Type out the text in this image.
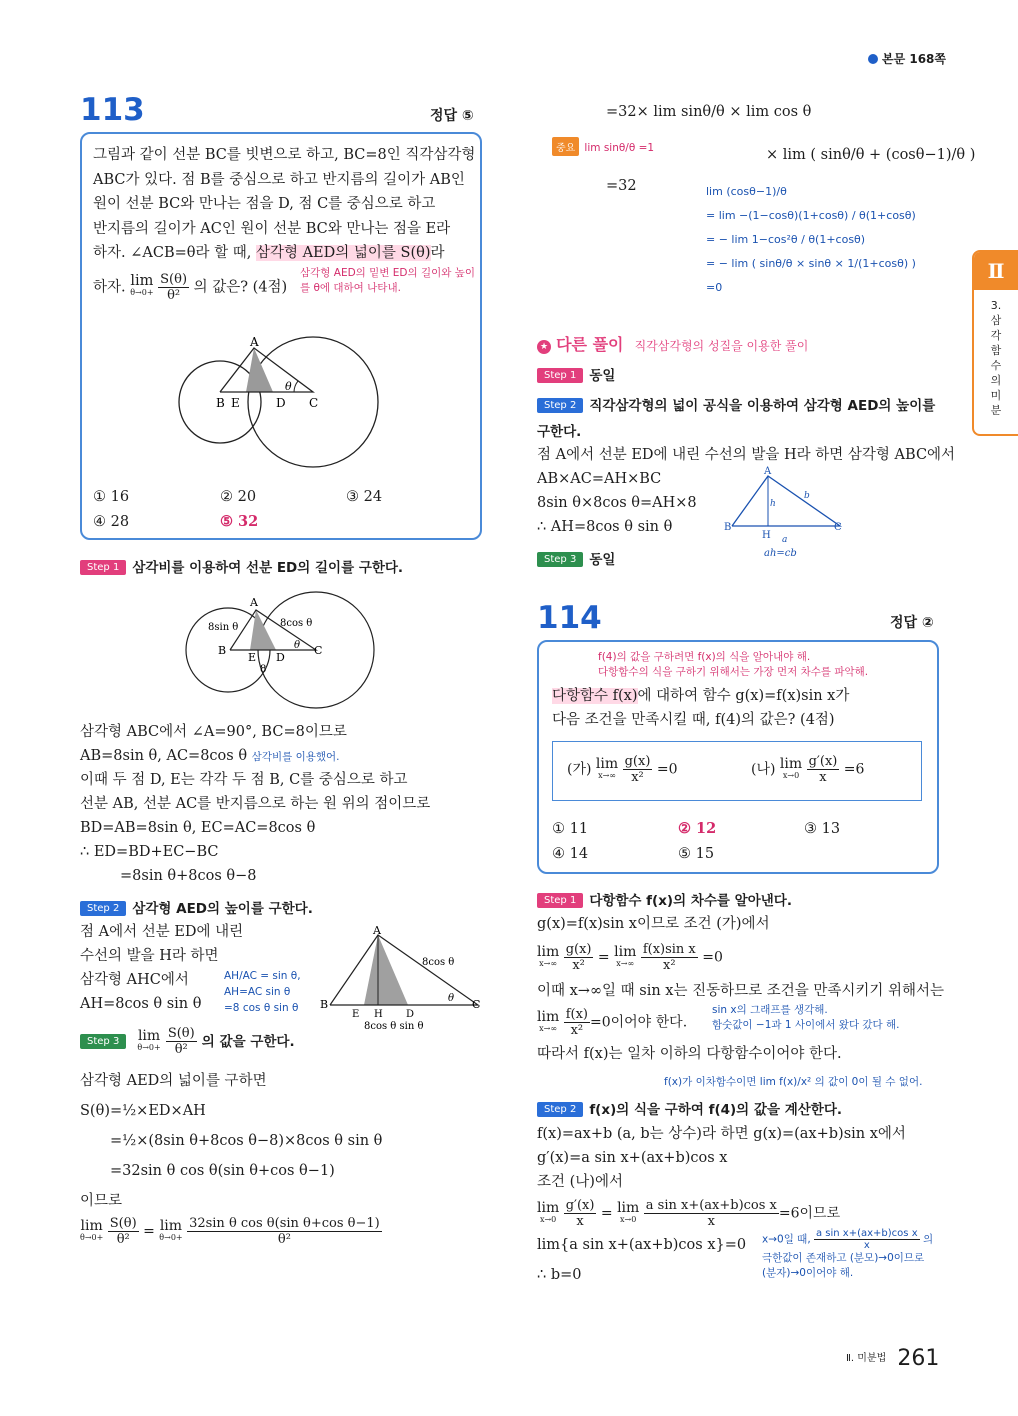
본문 168쪽
Ⅱ
3.
삼
각
함
수
의
미
분
113	정답 ⑤
그림과 같이 선분 BC를 빗변으로 하고, BC=8인 직각삼각형
ABC가 있다. 점 B를 중심으로 하고 반지름의 길이가 AB인
원이 선분 BC와 만나는 점을 D, 점 C를 중심으로 하고
반지름의 길이가 AC인 원이 선분 BC와 만나는 점을 E라
하자. ∠ACB=θ라 할 때, 삼각형 AED의 넓이를 S(θ)라
하자. lim
θ→0+
$\frac{S(\theta)}{\text{θ²}}$ 의 값은? (4점)
삼각형 AED의 밑변 ED의 길이와 높이를 θ에 대하여 나타내.
A
B E	D C
θ
① 16	② 20	③ 24
④ 28	⑤ 32
Step 1 삼각비를 이용하여 선분 ED의 길이를 구한다.
A
B
E D
C
8sin θ	8cos θ
8
θ
삼각형 ABC에서 ∠A=90°, BC=8이므로
AB=8sin θ, AC=8cos θ 삼각비를 이용했어.
이때 두 점 D, E는 각각 두 점 B, C를 중심으로 하고
선분 AB, 선분 AC를 반지름으로 하는 원 위의 점이므로
BD=AB=8sin θ, EC=AC=8cos θ
∴ ED=BD+EC−BC
=8sin θ+8cos θ−8
Step 2 삼각형 AED의 높이를 구한다.
점 A에서 선분 ED에 내린
수선의 발을 H라 하면
삼각형 AHC에서
AH=8cos θ sin θ
AH/AC = sin θ,
AH=AC sin θ
=8 cos θ sin θ
A
B
E H D
C
8cos θ
8cos θ sin θ
θ
Step 3 lim
θ→0+
$\frac{S(\theta)}{\text{θ²}}$ 의 값을 구한다.
삼각형 AED의 넓이를 구하면
S(θ)=½×ED×AH
=½×(8sin θ+8cos θ−8)×8cos θ sin θ
=32sin θ cos θ(sin θ+cos θ−1)
이므로
lim
θ→0+
$\frac{S(\theta)}{\text{θ²}} = \lim$
θ→0+
$\frac{\text{32sin θ cos θ(sin θ+cos θ−1)}}{\text{θ²}}$
=32× lim sinθ/θ × lim cos θ
중요 lim sinθ/θ =1	× lim ( sinθ/θ + (cosθ−1)/θ )
=32	lim (cosθ−1)/θ
= lim −(1−cosθ)(1+cosθ) / θ(1+cosθ)
= − lim 1−cos²θ / θ(1+cosθ)
= − lim ( sinθ/θ × sinθ × 1/(1+cosθ) )
=0
★ 다른 풀이 직각삼각형의 성질을 이용한 풀이
Step 1 동일
Step 2 직각삼각형의 넓이 공식을 이용하여 삼각형 AED의 높이를
구한다.
점 A에서 선분 ED에 내린 수선의 발을 H라 하면 삼각형 ABC에서
AB×AC=AH×BC
8sin θ×8cos θ=AH×8
∴ AH=8cos θ sin θ
A
B
H
C
b
h
a
ah=cb
Step 3 동일
114	정답 ②
f(4)의 값을 구하려면 f(x)의 식을 알아내야 해.
다항함수의 식을 구하기 위해서는 가장 먼저 차수를 파악해.
다항함수 f(x)에 대하여 함수 g(x)=f(x)sin x가
다음 조건을 만족시킬 때, f(4)의 값은? (4점)
(가) lim
x→∞
$\frac{g(x)}{\text{x²}} =0$	(나) lim
x→0
$\frac{g'(x)}{x} =6$
① 11	② 12	③ 13
④ 14	⑤ 15
Step 1 다항함수 f(x)의 차수를 알아낸다.
g(x)=f(x)sin x이므로 조건 (가)에서
lim
x→∞
$\frac{g(x)}{\text{x²}} = \lim$
x→∞
$\frac{\text{f(x)sin x}}{\text{x²}} =0$
이때 x→∞일 때 sin x는 진동하므로 조건을 만족시키기 위해서는
lim
x→∞
$\frac{f(x)}{\text{x²}} =0$이어야 한다.
따라서 f(x)는 일차 이하의 다항함수이어야 한다.
sin x의 그래프를 생각해.
함숫값이 −1과 1 사이에서 왔다 갔다 해.
f(x)가 이차함수이면 lim f(x)/x² 의 값이 0이 될 수 없어.
Step 2 f(x)의 식을 구하여 f(4)의 값을 계산한다.
f(x)=ax+b (a, b는 상수)라 하면 g(x)=(ax+b)sin x에서
g′(x)=a sin x+(ax+b)cos x
조건 (나)에서
lim
x→0
$\frac{g'(x)}{x} = \lim$
x→0
$\frac{\text{a sin x+(ax+b)cos x}}{x} =6$이므로
lim{a sin x+(ax+b)cos x}=0
∴ b=0
x→0일 때, $\frac{\text{a sin x+(ax+b)cos x}}{x}$ 의
극한값이 존재하고 (분모)→0이므로
(분자)→0이어야 해.
$^{Ⅱ. 미분법}$ 261
